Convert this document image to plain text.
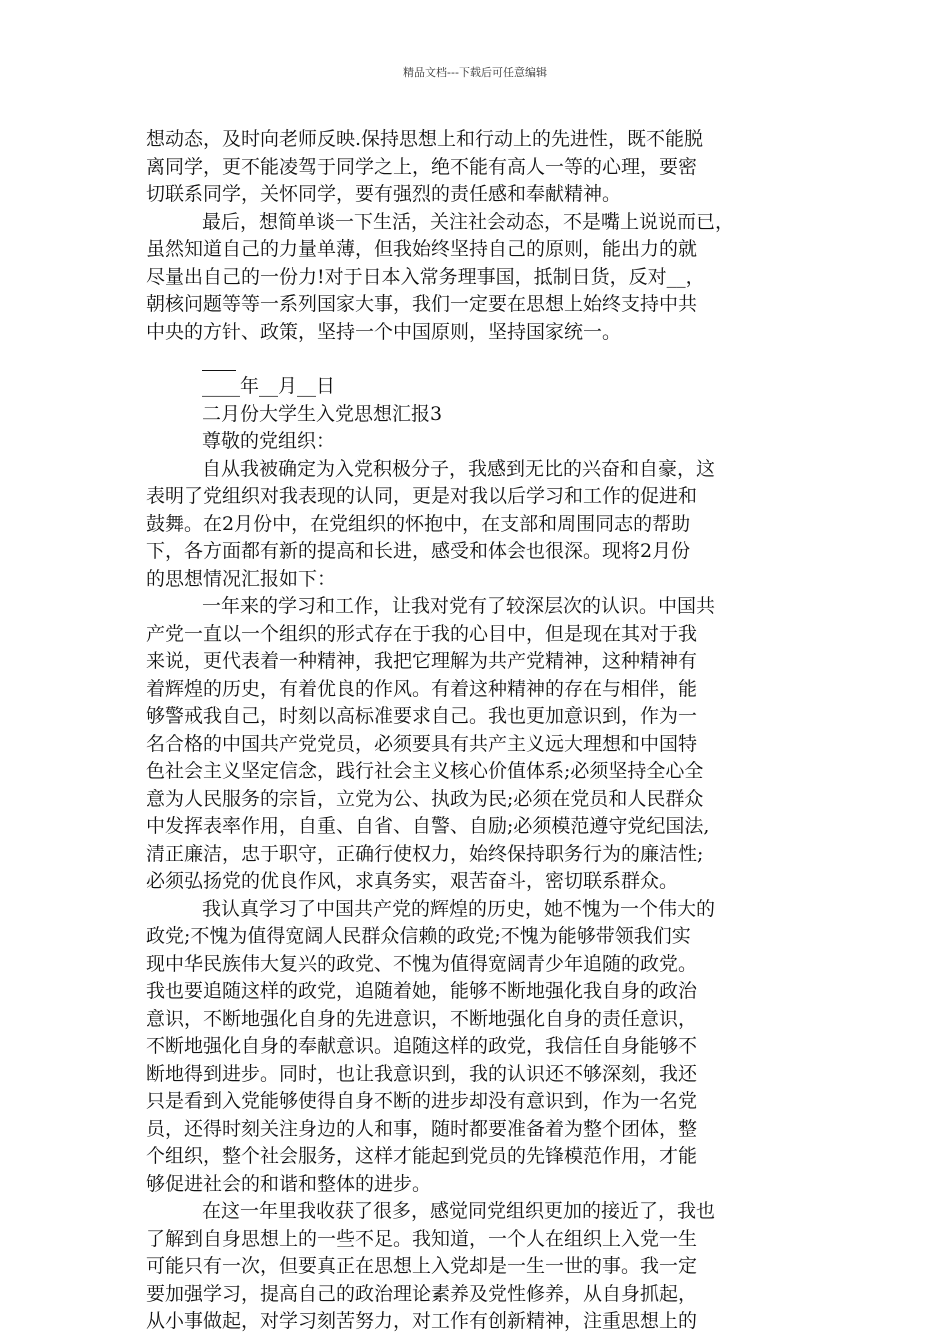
精品文档---下载后可任意编辑
想动态，及时向老师反映.保持思想上和行动上的先进性，既不能脱
离同学，更不能凌驾于同学之上，绝不能有高人一等的心理，要密
切联系同学，关怀同学，要有强烈的责任感和奉献精神。
最后，想简单谈一下生活，关注社会动态，不是嘴上说说而已，
虽然知道自己的力量单薄，但我始终坚持自己的原则，能出力的就
尽量出自己的一份力!对于日本入常务理事国，抵制日货，反对__，
朝核问题等等一系列国家大事，我们一定要在思想上始终支持中共
中央的方针、政策，坚持一个中国原则，坚持国家统一。
____年__月__日
二月份大学生入党思想汇报3
尊敬的党组织：
自从我被确定为入党积极分子，我感到无比的兴奋和自豪，这
表明了党组织对我表现的认同，更是对我以后学习和工作的促进和
鼓舞。在2月份中，在党组织的怀抱中，在支部和周围同志的帮助
下，各方面都有新的提高和长进，感受和体会也很深。现将2月份
的思想情况汇报如下：
一年来的学习和工作，让我对党有了较深层次的认识。中国共
产党一直以一个组织的形式存在于我的心目中，但是现在其对于我
来说，更代表着一种精神，我把它理解为共产党精神，这种精神有
着辉煌的历史，有着优良的作风。有着这种精神的存在与相伴，能
够警戒我自己，时刻以高标准要求自己。我也更加意识到，作为一
名合格的中国共产党党员，必须要具有共产主义远大理想和中国特
色社会主义坚定信念，践行社会主义核心价值体系;必须坚持全心全
意为人民服务的宗旨，立党为公、执政为民;必须在党员和人民群众
中发挥表率作用，自重、自省、自警、自励;必须模范遵守党纪国法,
清正廉洁，忠于职守，正确行使权力，始终保持职务行为的廉洁性;
必须弘扬党的优良作风，求真务实，艰苦奋斗，密切联系群众。
我认真学习了中国共产党的辉煌的历史，她不愧为一个伟大的
政党;不愧为值得宽阔人民群众信赖的政党;不愧为能够带领我们实
现中华民族伟大复兴的政党、不愧为值得宽阔青少年追随的政党。
我也要追随这样的政党，追随着她，能够不断地强化我自身的政治
意识，不断地强化自身的先进意识，不断地强化自身的责任意识，
不断地强化自身的奉献意识。追随这样的政党，我信任自身能够不
断地得到进步。同时，也让我意识到，我的认识还不够深刻，我还
只是看到入党能够使得自身不断的进步却没有意识到，作为一名党
员，还得时刻关注身边的人和事，随时都要准备着为整个团体，整
个组织，整个社会服务，这样才能起到党员的先锋模范作用，才能
够促进社会的和谐和整体的进步。
在这一年里我收获了很多，感觉同党组织更加的接近了，我也
了解到自身思想上的一些不足。我知道，一个人在组织上入党一生
可能只有一次，但要真正在思想上入党却是一生一世的事。我一定
要加强学习，提高自己的政治理论素养及党性修养，从自身抓起，
从小事做起，对学习刻苦努力，对工作有创新精神，注重思想上的
